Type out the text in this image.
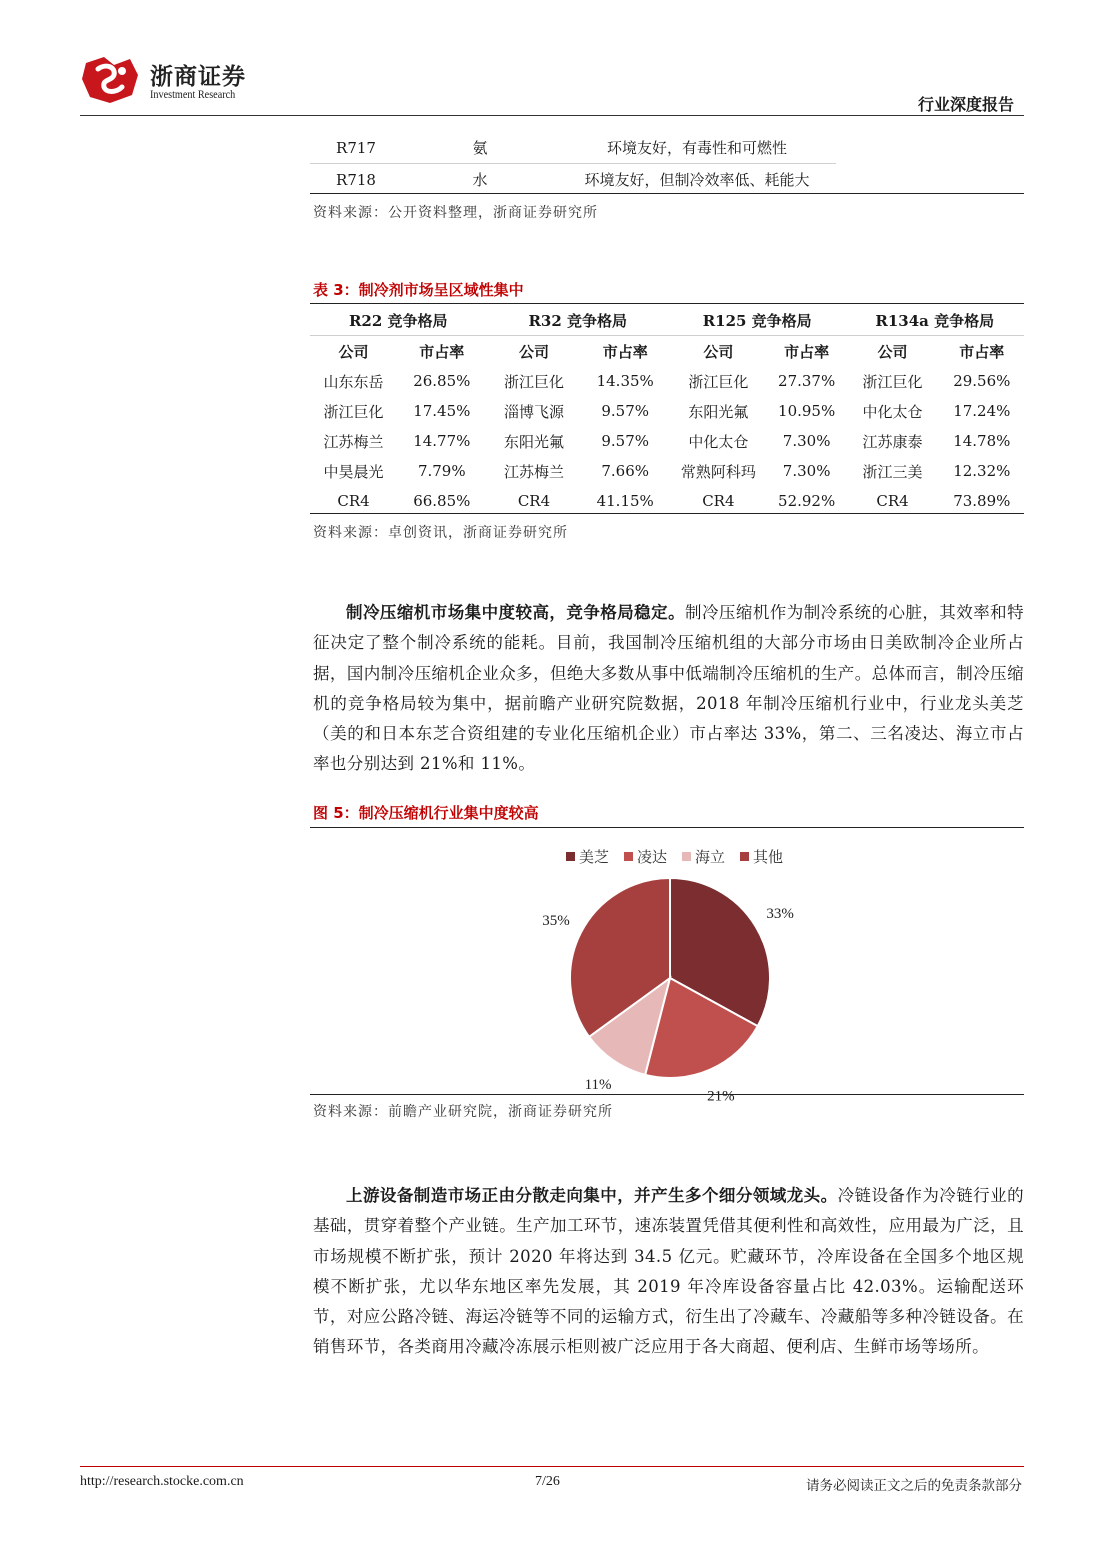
浙商证券
Investment Research
行业深度报告
R717	氨	环境友好，有毒性和可燃性	
R718	水	环境友好，但制冷效率低、耗能大	
资料来源：公开资料整理，浙商证券研究所
表 3：制冷剂市场呈区域性集中
R22 竞争格局		R32 竞争格局		R125 竞争格局		R134a 竞争格局	
公司	市占率	公司	市占率	公司	市占率	公司	市占率
山东东岳	26.85%	浙江巨化	14.35%	浙江巨化	27.37%	浙江巨化	29.56%
浙江巨化	17.45%	淄博飞源	9.57%	东阳光氟	10.95%	中化太仓	17.24%
江苏梅兰	14.77%	东阳光氟	9.57%	中化太仓	7.30%	江苏康泰	14.78%
中昊晨光	7.79%	江苏梅兰	7.66%	常熟阿科玛	7.30%	浙江三美	12.32%
CR4	66.85%	CR4	41.15%	CR4	52.92%	CR4	73.89%
资料来源：卓创资讯，浙商证券研究所

制冷压缩机市场集中度较高，竞争格局稳定。制冷压缩机作为制冷系统的心脏，其效率和特征决定了整个制冷系统的能耗。目前，我国制冷压缩机组的大部分市场由日美欧制冷企业所占据，国内制冷压缩机企业众多，但绝大多数从事中低端制冷压缩机的生产。总体而言，制冷压缩机的竞争格局较为集中，据前瞻产业研究院数据，2018 年制冷压缩机行业中，行业龙头美芝（美的和日本东芝合资组建的专业化压缩机企业）市占率达 33%，第二、三名凌达、海立市占率也分别达到 21%和 11%。

图 5：制冷压缩机行业集中度较高
美芝 凌达 海立 其他
33%
21%
11%
35%
资料来源：前瞻产业研究院，浙商证券研究所

上游设备制造市场正由分散走向集中，并产生多个细分领域龙头。冷链设备作为冷链行业的基础，贯穿着整个产业链。生产加工环节，速冻装置凭借其便利性和高效性，应用最为广泛，且市场规模不断扩张，预计 2020 年将达到 34.5 亿元。贮藏环节，冷库设备在全国多个地区规模不断扩张，尤以华东地区率先发展，其 2019 年冷库设备容量占比 42.03%。运输配送环节，对应公路冷链、海运冷链等不同的运输方式，衍生出了冷藏车、冷藏船等多种冷链设备。在销售环节，各类商用冷藏冷冻展示柜则被广泛应用于各大商超、便利店、生鲜市场等场所。

http://research.stocke.com.cn	7/26	请务必阅读正文之后的免责条款部分
